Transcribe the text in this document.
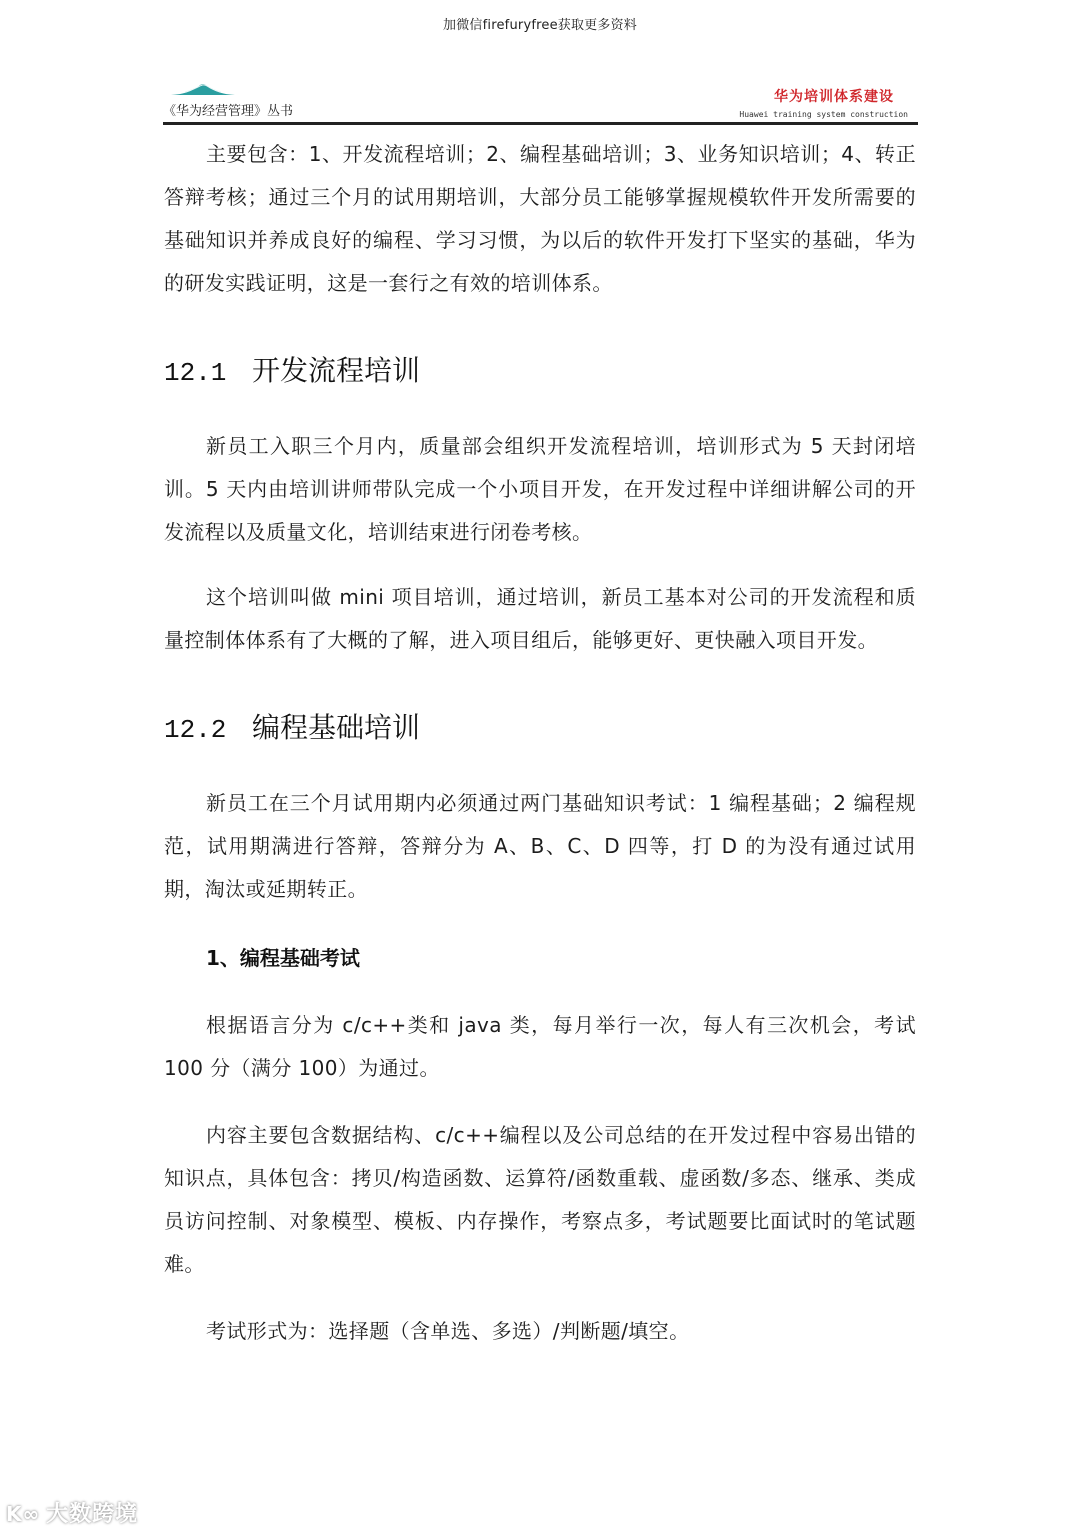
加微信firefuryfree获取更多资料
《华为经营管理》丛书
华为培训体系建设
Huawei training system construction

主要包含：1、开发流程培训；2、编程基础培训；3、业务知识培训；4、转正答辩考核；通过三个月的试用期培训，大部分员工能够掌握规模软件开发所需要的基础知识并养成良好的编程、学习习惯，为以后的软件开发打下坚实的基础，华为的研发实践证明，这是一套行之有效的培训体系。

12.1 开发流程培训

新员工入职三个月内，质量部会组织开发流程培训，培训形式为 5 天封闭培训。5 天内由培训讲师带队完成一个小项目开发，在开发过程中详细讲解公司的开发流程以及质量文化，培训结束进行闭卷考核。

这个培训叫做 mini 项目培训，通过培训，新员工基本对公司的开发流程和质量控制体体系有了大概的了解，进入项目组后，能够更好、更快融入项目开发。

12.2 编程基础培训

新员工在三个月试用期内必须通过两门基础知识考试：1 编程基础；2 编程规范，试用期满进行答辩，答辩分为 A、B、C、D 四等，打 D 的为没有通过试用期，淘汰或延期转正。

1、编程基础考试

根据语言分为 c/c++类和 java 类，每月举行一次，每人有三次机会，考试 100 分（满分 100）为通过。

内容主要包含数据结构、c/c++编程以及公司总结的在开发过程中容易出错的知识点，具体包含：拷贝/构造函数、运算符/函数重载、虚函数/多态、继承、类成员访问控制、对象模型、模板、内存操作，考察点多，考试题要比面试时的笔试题难。

考试形式为：选择题（含单选、多选）/判断题/填空。

K∞ 大数跨境
